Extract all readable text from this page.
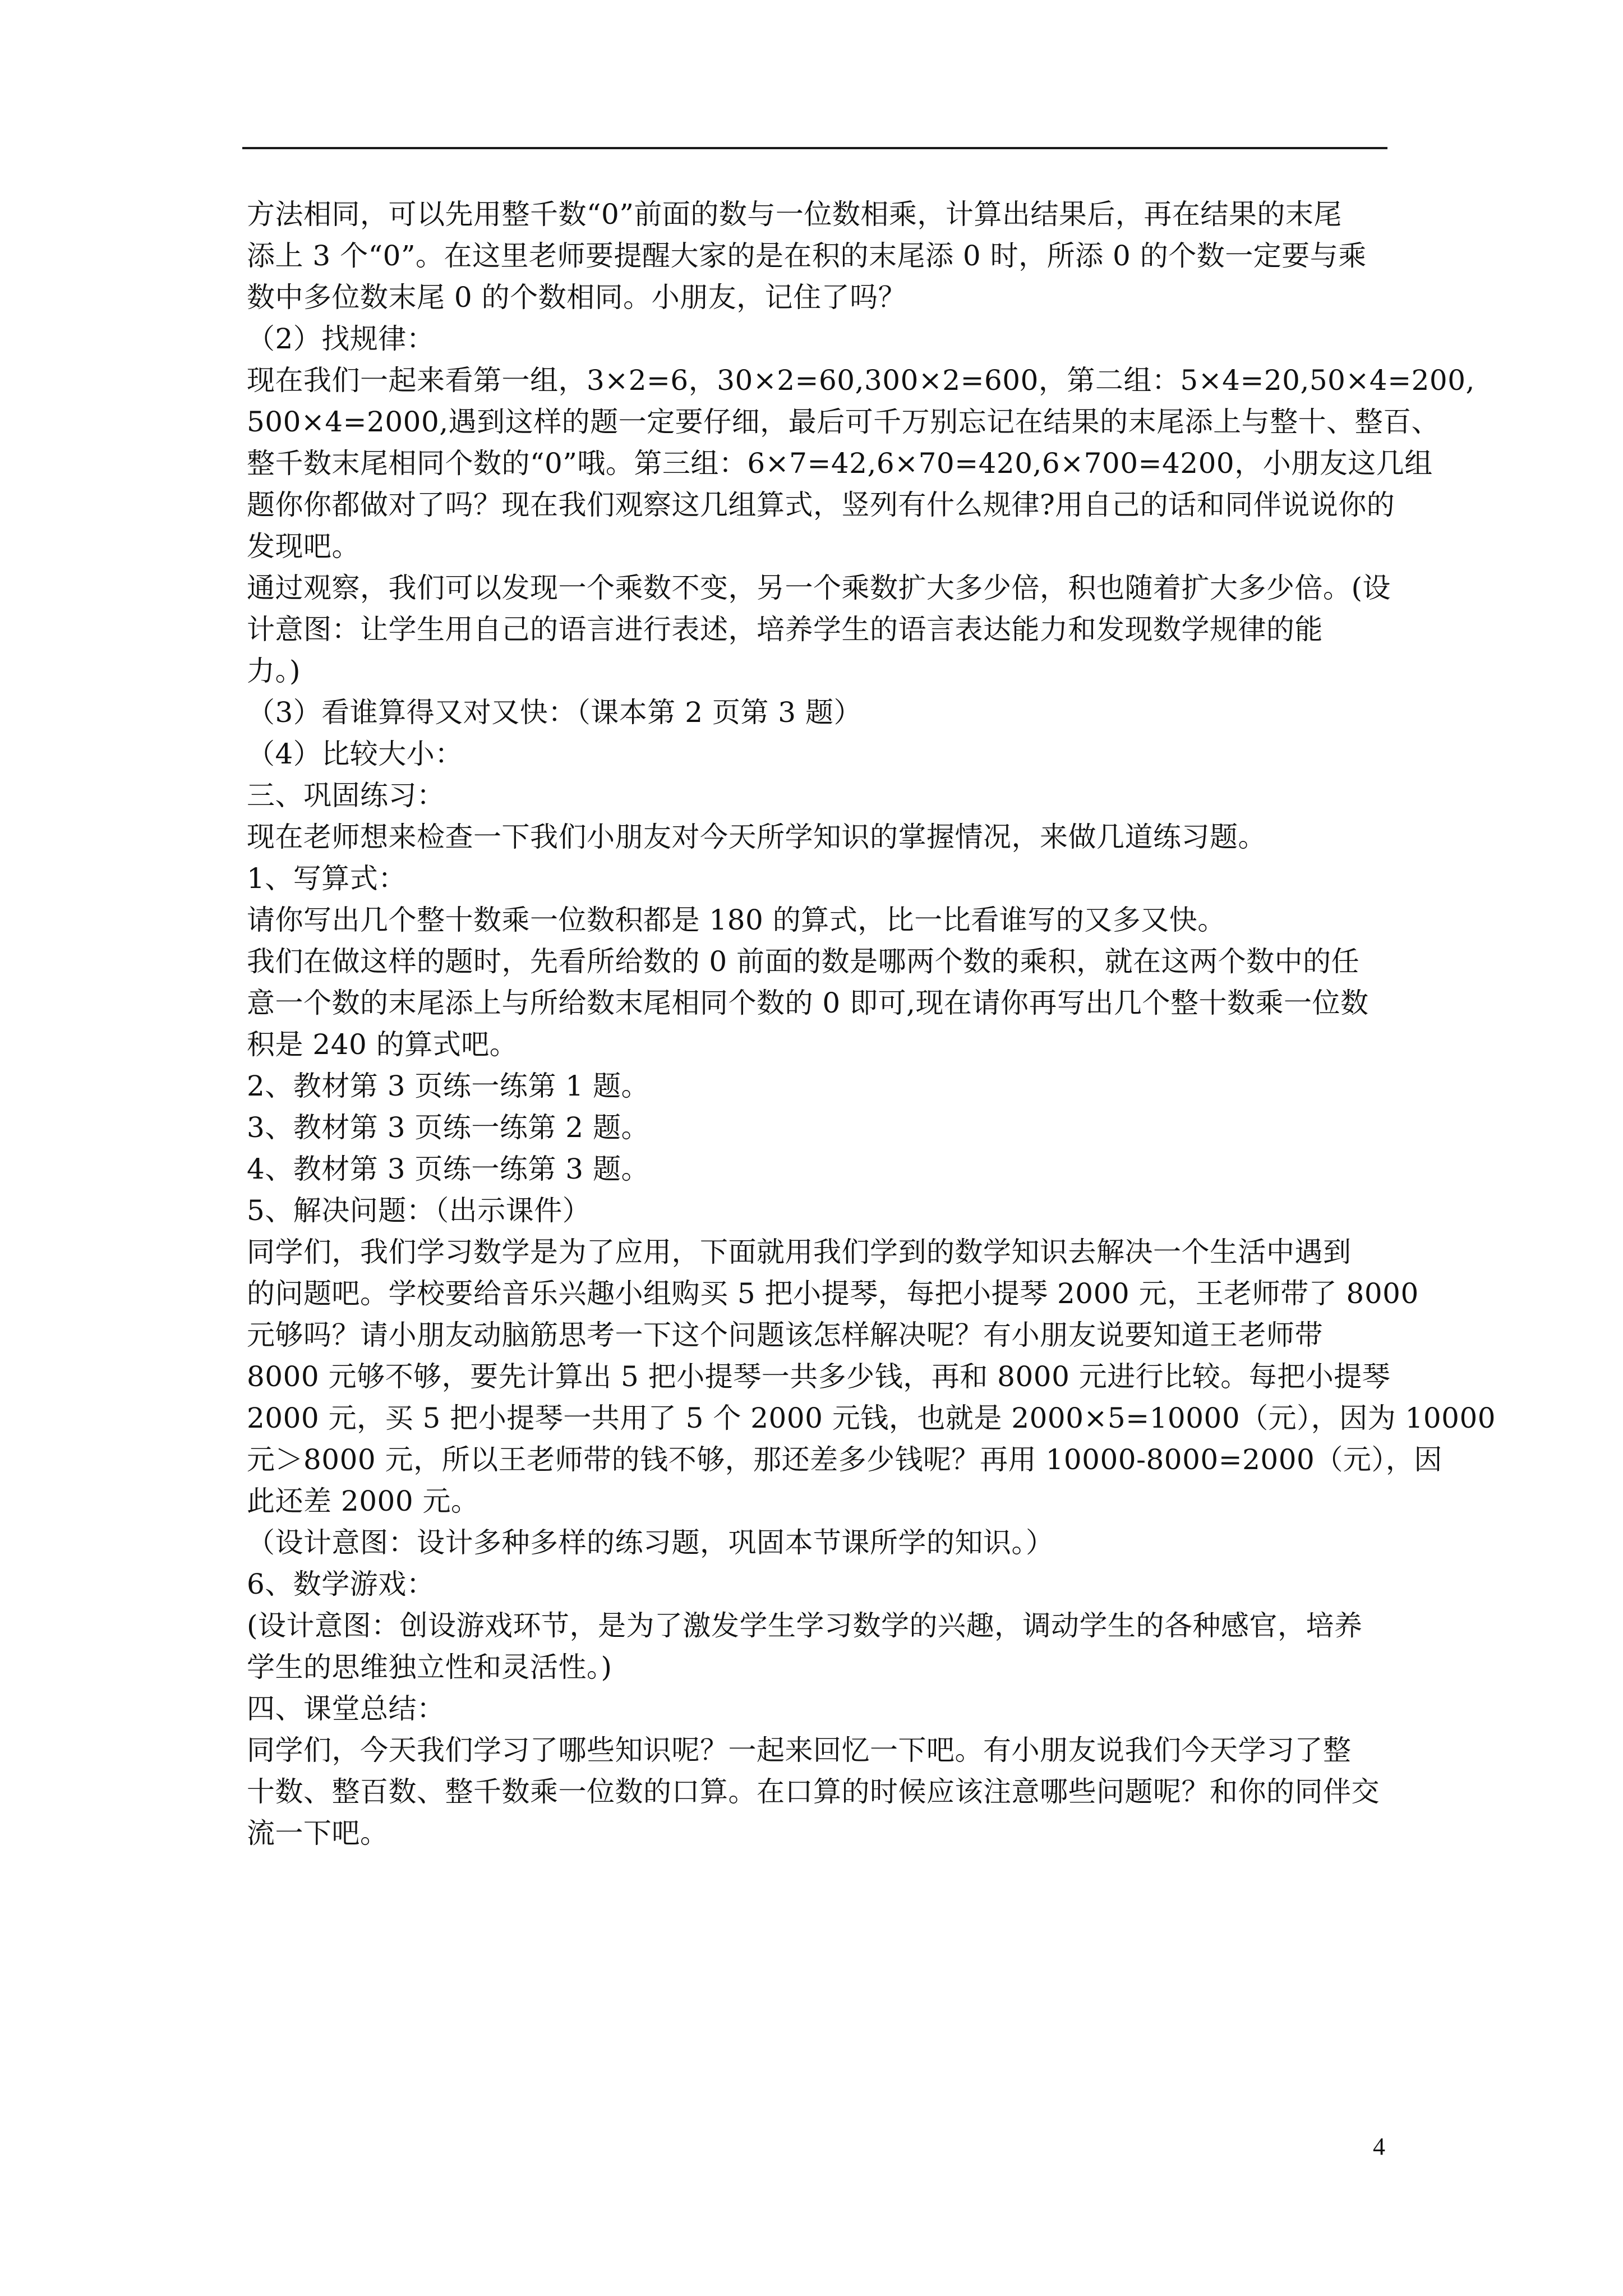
方法相同，可以先用整千数“0”前面的数与一位数相乘，计算出结果后，再在结果的末尾
添上 3 个“0”。在这里老师要提醒大家的是在积的末尾添 0 时，所添 0 的个数一定要与乘
数中多位数末尾 0 的个数相同。小朋友，记住了吗？
（2）找规律：
现在我们一起来看第一组，3×2=6，30×2=60,300×2=600，第二组：5×4=20,50×4=200,
500×4=2000,遇到这样的题一定要仔细，最后可千万别忘记在结果的末尾添上与整十、整百、
整千数末尾相同个数的“0”哦。第三组：6×7=42,6×70=420,6×700=4200，小朋友这几组
题你你都做对了吗？现在我们观察这几组算式，竖列有什么规律?用自己的话和同伴说说你的
发现吧。
通过观察，我们可以发现一个乘数不变，另一个乘数扩大多少倍，积也随着扩大多少倍。(设
计意图：让学生用自己的语言进行表述，培养学生的语言表达能力和发现数学规律的能
力。)
（3）看谁算得又对又快：（课本第 2 页第 3 题）
（4）比较大小：
三、巩固练习：
现在老师想来检查一下我们小朋友对今天所学知识的掌握情况，来做几道练习题。
1、写算式：
请你写出几个整十数乘一位数积都是 180 的算式，比一比看谁写的又多又快。
我们在做这样的题时，先看所给数的 0 前面的数是哪两个数的乘积，就在这两个数中的任
意一个数的末尾添上与所给数末尾相同个数的 0 即可,现在请你再写出几个整十数乘一位数
积是 240 的算式吧。
2、教材第 3 页练一练第 1 题。
3、教材第 3 页练一练第 2 题。
4、教材第 3 页练一练第 3 题。
5、解决问题：（出示课件）
同学们，我们学习数学是为了应用，下面就用我们学到的数学知识去解决一个生活中遇到
的问题吧。学校要给音乐兴趣小组购买 5 把小提琴，每把小提琴 2000 元，王老师带了 8000
元够吗？请小朋友动脑筋思考一下这个问题该怎样解决呢？有小朋友说要知道王老师带
8000 元够不够，要先计算出 5 把小提琴一共多少钱，再和 8000 元进行比较。每把小提琴
2000 元，买 5 把小提琴一共用了 5 个 2000 元钱，也就是 2000×5=10000（元），因为 10000
元＞8000 元，所以王老师带的钱不够，那还差多少钱呢？再用 10000-8000=2000（元），因
此还差 2000 元。
（设计意图：设计多种多样的练习题，巩固本节课所学的知识。）
6、数学游戏：
(设计意图：创设游戏环节，是为了激发学生学习数学的兴趣，调动学生的各种感官，培养
学生的思维独立性和灵活性。)
四、课堂总结：
同学们，今天我们学习了哪些知识呢？一起来回忆一下吧。有小朋友说我们今天学习了整
十数、整百数、整千数乘一位数的口算。在口算的时候应该注意哪些问题呢？和你的同伴交
流一下吧。
4
